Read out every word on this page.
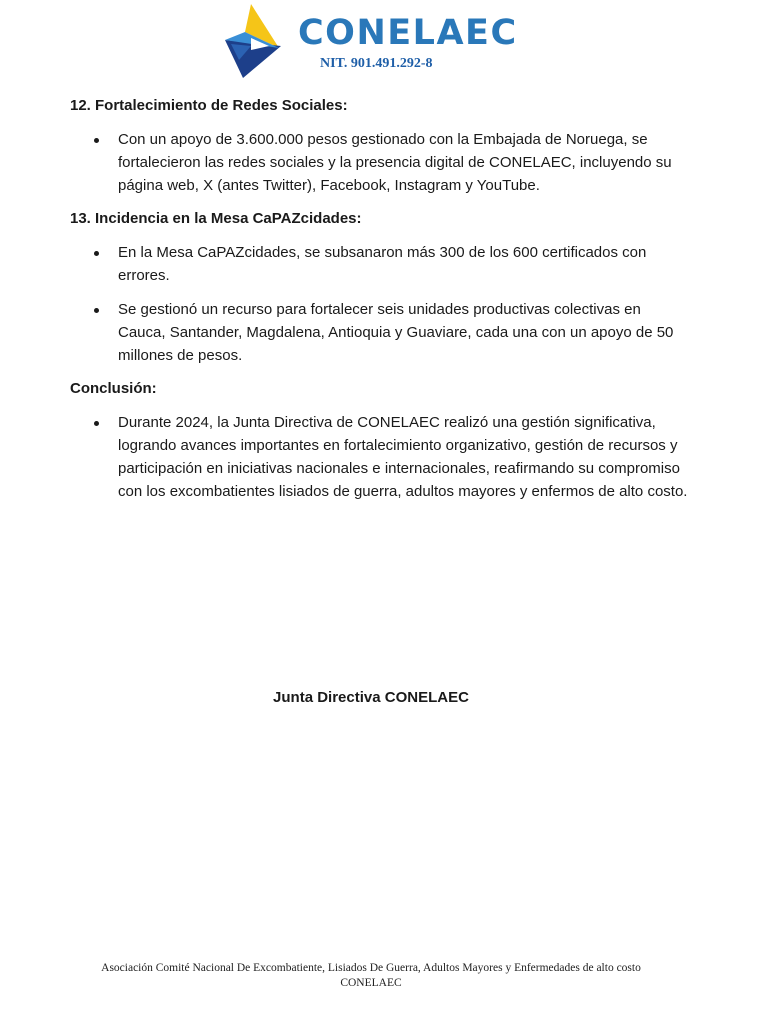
CONELAEC
NIT. 901.491.292-8
12. Fortalecimiento de Redes Sociales:
Con un apoyo de 3.600.000 pesos gestionado con la Embajada de Noruega, se fortalecieron las redes sociales y la presencia digital de CONELAEC, incluyendo su página web, X (antes Twitter), Facebook, Instagram y YouTube.
13. Incidencia en la Mesa CaPAZcidades:
En la Mesa CaPAZcidades, se subsanaron más 300 de los 600 certificados con errores.
Se gestionó un recurso para fortalecer seis unidades productivas colectivas en Cauca, Santander, Magdalena, Antioquia y Guaviare, cada una con un apoyo de 50 millones de pesos.
Conclusión:
Durante 2024, la Junta Directiva de CONELAEC realizó una gestión significativa, logrando avances importantes en fortalecimiento organizativo, gestión de recursos y participación en iniciativas nacionales e internacionales, reafirmando su compromiso con los excombatientes lisiados de guerra, adultos mayores y enfermos de alto costo.
Junta Directiva CONELAEC
Asociación Comité Nacional De Excombatiente, Lisiados De Guerra, Adultos Mayores y Enfermedades de alto costo
CONELAEC
